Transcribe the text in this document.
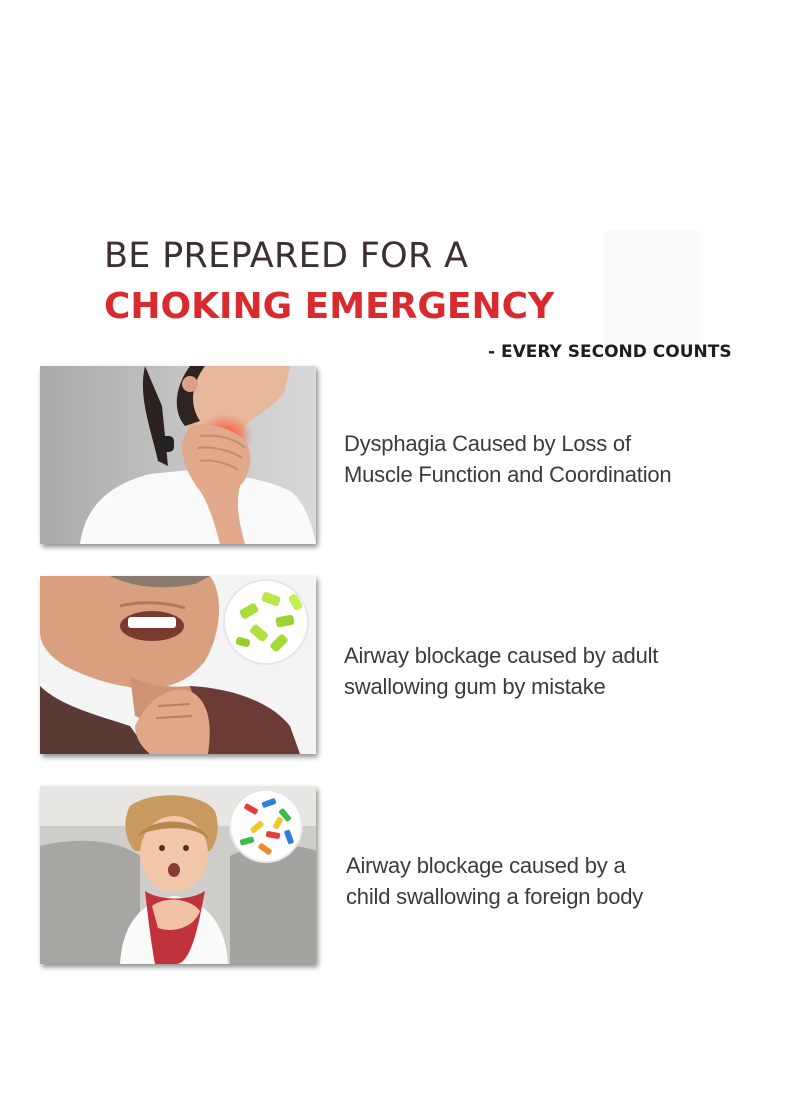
BE PREPARED FOR A
CHOKING EMERGENCY
- EVERY SECOND COUNTS
Dysphagia Caused by Loss of
Muscle Function and Coordination
Airway blockage caused by adult
swallowing gum by mistake
Airway blockage caused by a
child swallowing a foreign body
